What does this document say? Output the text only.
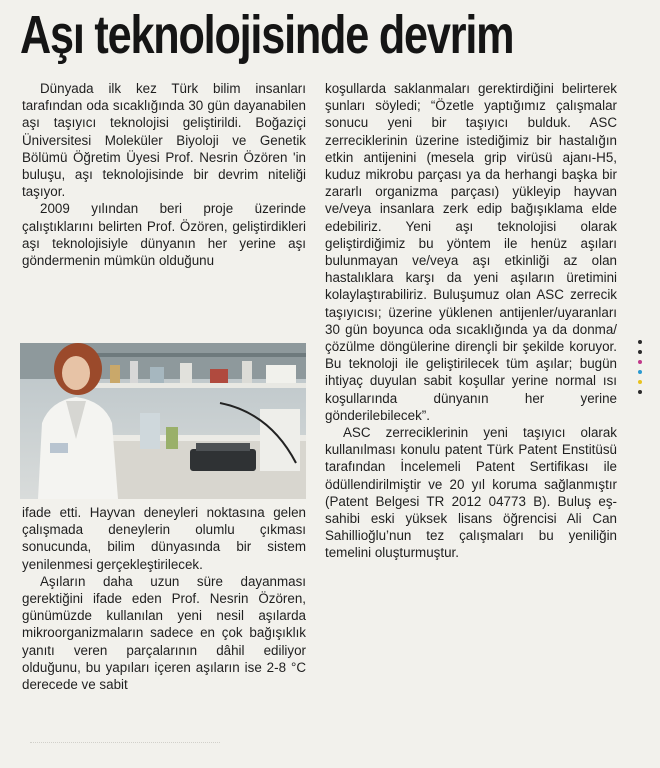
Aşı teknolojisinde devrim

Dünyada ilk kez Türk bilim insanları tarafından oda sıcaklığında 30 gün dayanabilen aşı taşıyıcı teknolojisi geliştirildi. Boğaziçi Üniversitesi Moleküler Biyoloji ve Genetik Bölümü Öğretim Üyesi Prof. Nesrin Özören 'in buluşu, aşı teknolojisinde bir devrim niteliği taşıyor.

2009 yılından beri proje üzerinde çalıştıklarını belirten Prof. Özören, geliştirdikleri aşı teknolojisiyle dünyanın her yerine aşı göndermenin mümkün olduğunu

ifade etti. Hayvan deneyleri noktasına gelen çalışmada deneylerin olumlu çıkması sonucunda, bilim dünyasında bir sistem yenilenmesi gerçekleştirilecek.

Aşıların daha uzun süre dayanması gerektiğini ifade eden Prof. Nesrin Özören, günümüzde kullanılan yeni nesil aşılarda mikroorganizmaların sadece en çok bağışıklık yanıtı veren parçalarının dâhil ediliyor olduğunu, bu yapıları içeren aşıların ise 2-8 °C derecede ve sabit

koşullarda saklanmaları gerektirdiğini belirterek şunları söyledi; “Özetle yaptığımız çalışmalar sonucu yeni bir taşıyıcı bulduk. ASC zerreciklerinin üzerine istediğimiz bir hastalığın etkin antijenini (mesela grip virüsü ajanı-H5, kuduz mikrobu parçası ya da herhangi başka bir zararlı organizma parçası) yükleyip hayvan ve/veya insanlara zerk edip bağışıklama elde edebiliriz. Yeni aşı teknolojisi olarak geliştirdiğimiz bu yöntem ile henüz aşıları bulunmayan ve/veya aşı etkinliği az olan hastalıklara karşı da yeni aşıların üretimini kolaylaştırabiliriz. Buluşumuz olan ASC zerrecik taşıyıcısı; üzerine yüklenen antijenler/uyaranları 30 gün boyunca oda sıcaklığında ya da donma/çözülme döngülerine dirençli bir şekilde koruyor. Bu teknoloji ile geliştirilecek tüm aşılar; bugün ihtiyaç duyulan sabit koşullar yerine normal ısı koşullarında dünyanın her yerine gönderilebilecek”.

ASC zerreciklerinin yeni taşıyıcı olarak kullanılması konulu patent Türk Patent Enstitüsü tarafından İncelemeli Patent Sertifikası ile ödüllendirilmiştir ve 20 yıl koruma sağlanmıştır (Patent Belgesi TR 2012 04773 B). Buluş eş-sahibi eski yüksek lisans öğrencisi Ali Can Sahillioğlu’nun tez çalışmaları bu yeniliğin temelini oluşturmuştur.
